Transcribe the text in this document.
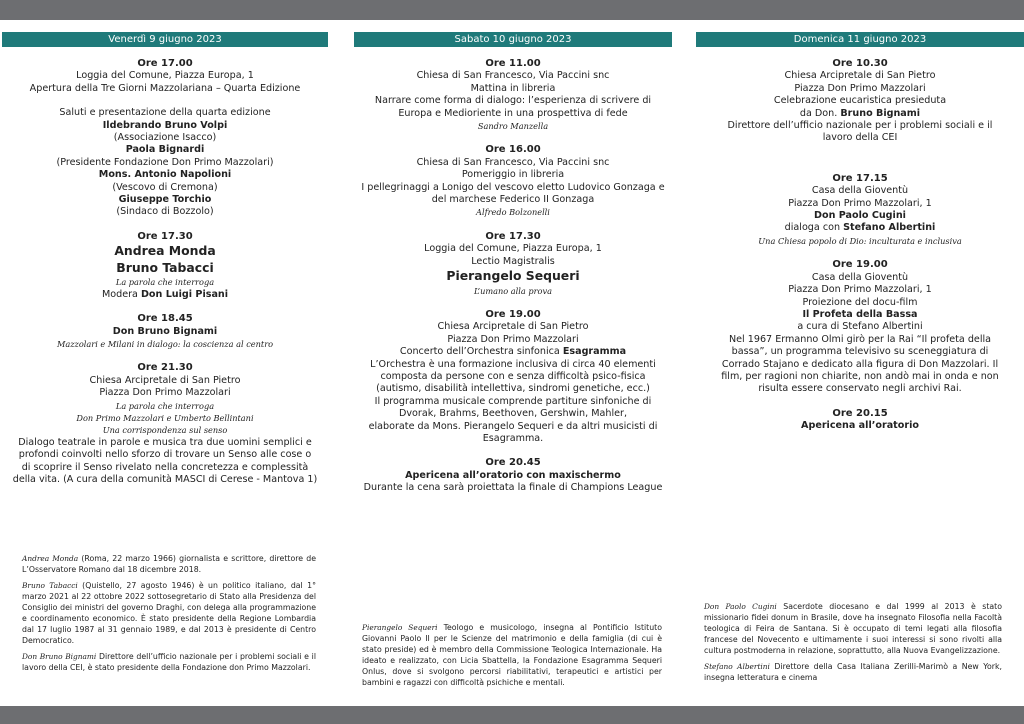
Venerdì 9 giugno 2023
Ore 17.00
Loggia del Comune, Piazza Europa, 1
Apertura della Tre Giorni Mazzolariana – Quarta Edizione
Saluti e presentazione della quarta edizione
Ildebrando Bruno Volpi
(Associazione Isacco)
Paola Bignardi
(Presidente Fondazione Don Primo Mazzolari)
Mons. Antonio Napolioni
(Vescovo di Cremona)
Giuseppe Torchio
(Sindaco di Bozzolo)
Ore 17.30
Andrea Monda
Bruno Tabacci
La parola che interroga
Modera Don Luigi Pisani
Ore 18.45
Don Bruno Bignami
Mazzolari e Milani in dialogo: la coscienza al centro
Ore 21.30
Chiesa Arcipretale di San Pietro
Piazza Don Primo Mazzolari
La parola che interroga
Don Primo Mazzolari e Umberto Bellintani
Una corrispondenza sul senso
Dialogo teatrale in parole e musica tra due uomini semplici e
profondi coinvolti nello sforzo di trovare un Senso alle cose o
di scoprire il Senso rivelato nella concretezza e complessità
della vita. (A cura della comunità MASCI di Cerese - Mantova 1)
Sabato 10 giugno 2023
Ore 11.00
Chiesa di San Francesco, Via Paccini snc
Mattina in libreria
Narrare come forma di dialogo: l’esperienza di scrivere di
Europa e Medioriente in una prospettiva di fede
Sandro Manzella
Ore 16.00
Chiesa di San Francesco, Via Paccini snc
Pomeriggio in libreria
I pellegrinaggi a Lonigo del vescovo eletto Ludovico Gonzaga e
del marchese Federico II Gonzaga
Alfredo Bolzonelli
Ore 17.30
Loggia del Comune, Piazza Europa, 1
Lectio Magistralis
Pierangelo Sequeri
L’umano alla prova
Ore 19.00
Chiesa Arcipretale di San Pietro
Piazza Don Primo Mazzolari
Concerto dell’Orchestra sinfonica Esagramma
L’Orchestra è una formazione inclusiva di circa 40 elementi
composta da persone con e senza difficoltà psico-fisica
(autismo, disabilità intellettiva, sindromi genetiche, ecc.)
Il programma musicale comprende partiture sinfoniche di
Dvorak, Brahms, Beethoven, Gershwin, Mahler,
elaborate da Mons. Pierangelo Sequeri e da altri musicisti di
Esagramma.
Ore 20.45
Apericena all’oratorio con maxischermo
Durante la cena sarà proiettata la finale di Champions League
Domenica 11 giugno 2023
Ore 10.30
Chiesa Arcipretale di San Pietro
Piazza Don Primo Mazzolari
Celebrazione eucaristica presieduta
da Don. Bruno Bignami
Direttore dell’ufficio nazionale per i problemi sociali e il
lavoro della CEI
Ore 17.15
Casa della Gioventù
Piazza Don Primo Mazzolari, 1
Don Paolo Cugini
dialoga con Stefano Albertini
Una Chiesa popolo di Dio: inculturata e inclusiva
Ore 19.00
Casa della Gioventù
Piazza Don Primo Mazzolari, 1
Proiezione del docu-film
Il Profeta della Bassa
a cura di Stefano Albertini
Nel 1967 Ermanno Olmi girò per la Rai “Il profeta della
bassa”, un programma televisivo su sceneggiatura di
Corrado Stajano e dedicato alla figura di Don Mazzolari. Il
film, per ragioni non chiarite, non andò mai in onda e non
risulta essere conservato negli archivi Rai.
Ore 20.15
Apericena all’oratorio

Andrea Monda (Roma, 22 marzo 1966) giornalista e scrittore, direttore de L’Osservatore Romano dal 18 dicembre 2018.

Bruno Tabacci (Quistello, 27 agosto 1946) è un politico italiano, dal 1° marzo 2021 al 22 ottobre 2022 sottosegretario di Stato alla Presidenza del Consiglio dei ministri del governo Draghi, con delega alla programmazione e coordinamento economico. È stato presidente della Regione Lombardia dal 17 luglio 1987 al 31 gennaio 1989, e dal 2013 è presidente di Centro Democratico.

Don Bruno Bignami Direttore dell’ufficio nazionale per i problemi sociali e il lavoro della CEI, è stato presidente della Fondazione don Primo Mazzolari.

Pierangelo Sequeri Teologo e musicologo, insegna al Pontificio Istituto Giovanni Paolo II per le Scienze del matrimonio e della famiglia (di cui è stato preside) ed è membro della Commissione Teologica Internazionale. Ha ideato e realizzato, con Licia Sbattella, la Fondazione Esagramma Sequeri Onlus, dove si svolgono percorsi riabilitativi, terapeutici e artistici per bambini e ragazzi con difficoltà psichiche e mentali.

Don Paolo Cugini Sacerdote diocesano e dal 1999 al 2013 è stato missionario fidei donum in Brasile, dove ha insegnato Filosofia nella Facoltà teologica di Feira de Santana. Si è occupato di temi legati alla filosofia francese del Novecento e ultimamente i suoi interessi si sono rivolti alla cultura postmoderna in relazione, soprattutto, alla Nuova Evangelizzazione.

Stefano Albertini Direttore della Casa Italiana Zerilli-Marimò a New York, insegna letteratura e cinema
